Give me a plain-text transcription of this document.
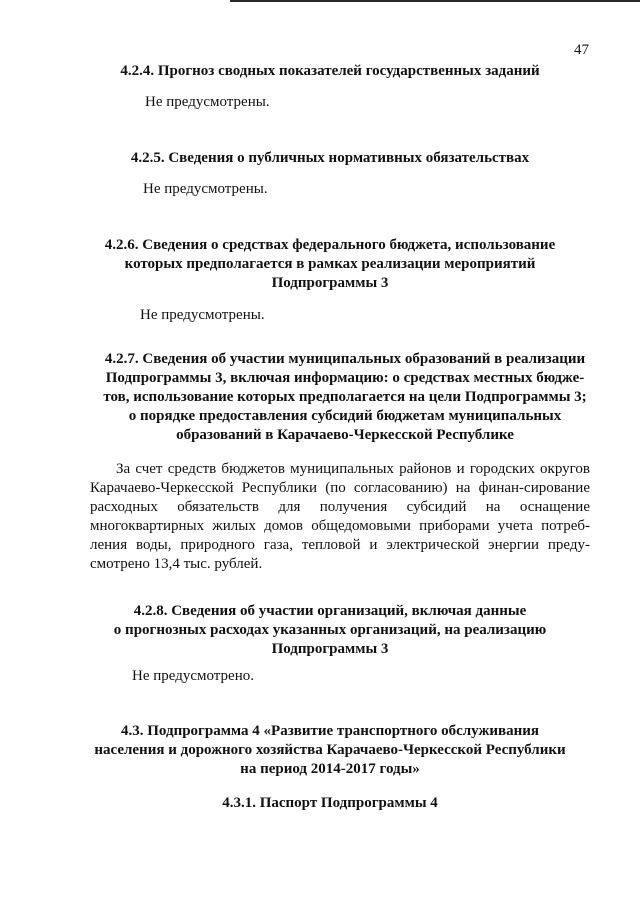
47
4.2.4. Прогноз сводных показателей государственных заданий
Не предусмотрены.
4.2.5. Сведения о публичных нормативных обязательствах
Не предусмотрены.
4.2.6. Сведения о средствах федерального бюджета, использование
которых предполагается в рамках реализации мероприятий
Подпрограммы 3
Не предусмотрены.
4.2.7. Сведения об участии муниципальных образований в реализации
Подпрограммы 3, включая информацию: о средствах местных бюдже-
тов, использование которых предполагается на цели Подпрограммы 3;
о порядке предоставления субсидий бюджетам муниципальных
образований в Карачаево-Черкесской Республике
За счет средств бюджетов муниципальных районов и городских округов Карачаево-Черкесской Республики (по согласованию) на финан-сирование расходных обязательств для получения субсидий на оснащение многоквартирных жилых домов общедомовыми приборами учета потреб-ления воды, природного газа, тепловой и электрической энергии преду-смотрено 13,4 тыс. рублей.
4.2.8. Сведения об участии организаций, включая данные
о прогнозных расходах указанных организаций, на реализацию
Подпрограммы 3
Не предусмотрено.
4.3. Подпрограмма 4 «Развитие транспортного обслуживания
населения и дорожного хозяйства Карачаево-Черкесской Республики
на период 2014-2017 годы»
4.3.1. Паспорт Подпрограммы 4
